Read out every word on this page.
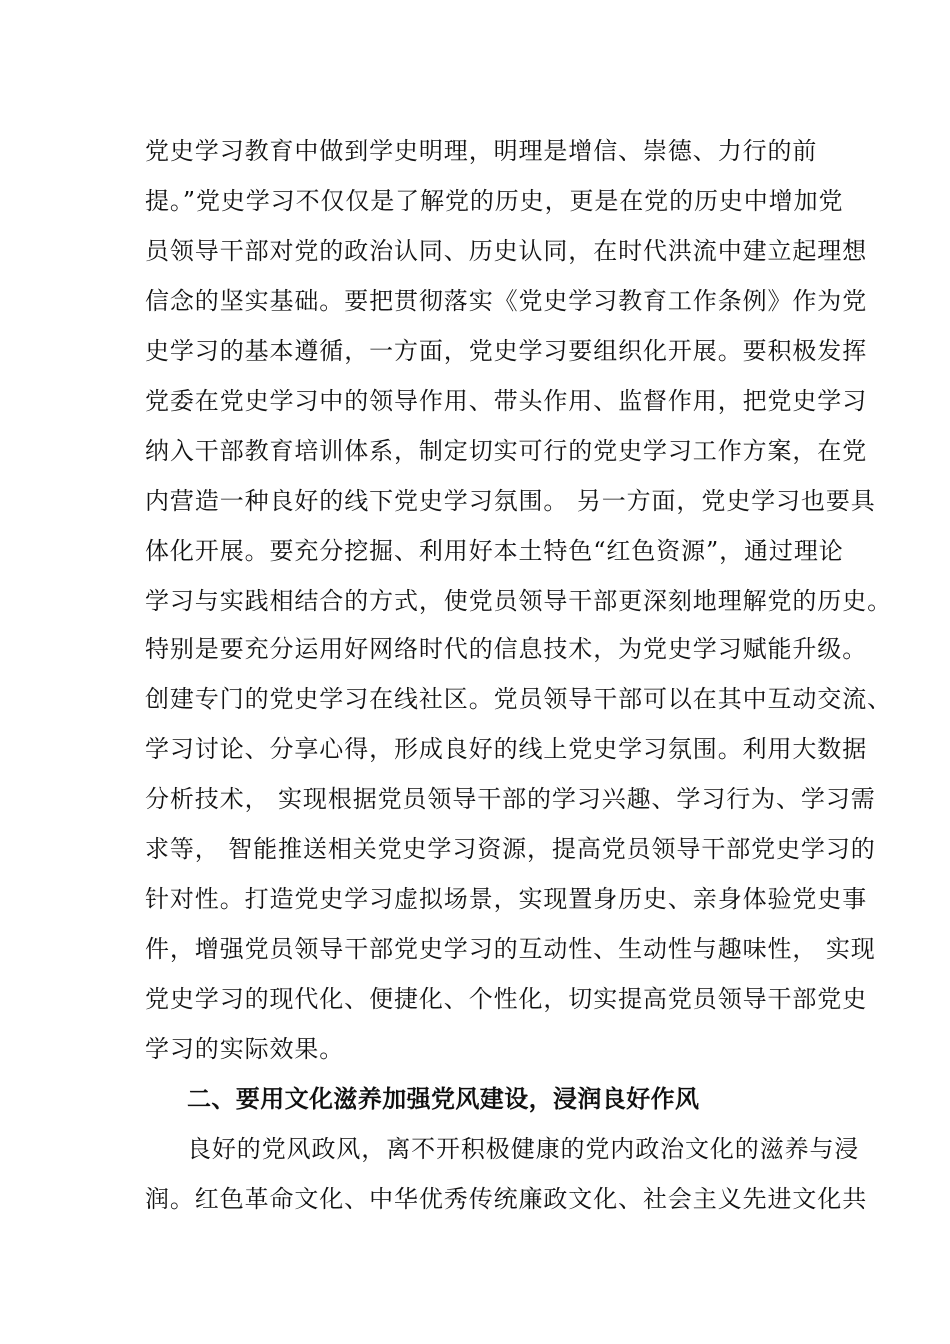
党史学习教育中做到学史明理，明理是增信、崇德、力行的前
提。”党史学习不仅仅是了解党的历史，更是在党的历史中增加党
员领导干部对党的政治认同、历史认同，在时代洪流中建立起理想
信念的坚实基础。要把贯彻落实《党史学习教育工作条例》作为党
史学习的基本遵循，一方面，党史学习要组织化开展。要积极发挥
党委在党史学习中的领导作用、带头作用、监督作用，把党史学习
纳入干部教育培训体系，制定切实可行的党史学习工作方案，在党
内营造一种良好的线下党史学习氛围。 另一方面，党史学习也要具
体化开展。要充分挖掘、利用好本土特色“红色资源”，通过理论
学习与实践相结合的方式，使党员领导干部更深刻地理解党的历史。
特别是要充分运用好网络时代的信息技术，为党史学习赋能升级。
创建专门的党史学习在线社区。党员领导干部可以在其中互动交流、
学习讨论、分享心得，形成良好的线上党史学习氛围。利用大数据
分析技术， 实现根据党员领导干部的学习兴趣、学习行为、学习需
求等， 智能推送相关党史学习资源，提高党员领导干部党史学习的
针对性。打造党史学习虚拟场景，实现置身历史、亲身体验党史事
件，增强党员领导干部党史学习的互动性、生动性与趣味性， 实现
党史学习的现代化、便捷化、个性化，切实提高党员领导干部党史
学习的实际效果。
二、要用文化滋养加强党风建设，浸润良好作风
良好的党风政风，离不开积极健康的党内政治文化的滋养与浸
润。红色革命文化、中华优秀传统廉政文化、社会主义先进文化共
